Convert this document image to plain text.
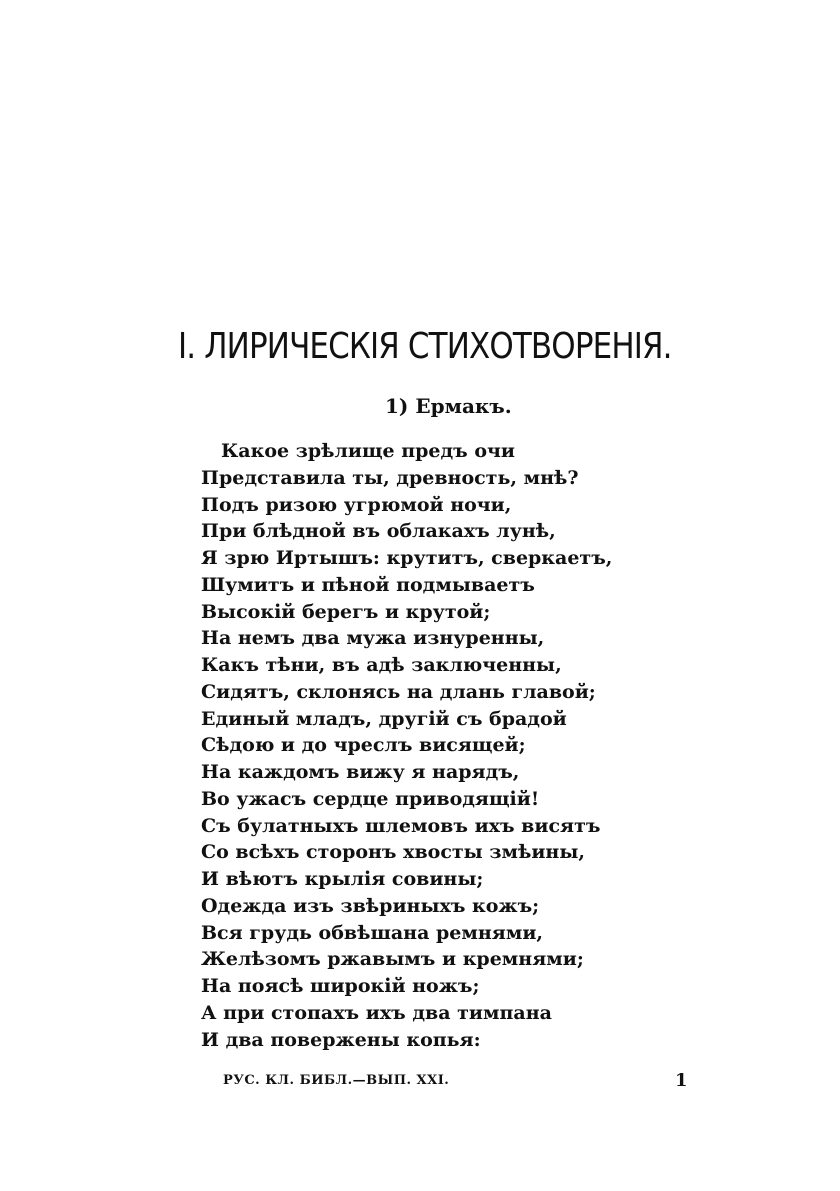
I. ЛИРИЧЕСКІЯ СТИХОТВОРЕНІЯ.
1) Ермакъ.
Какое зрѣлище предъ очи
Представила ты, древность, мнѣ?
Подъ ризою угрюмой ночи,
При блѣдной въ облакахъ лунѣ,
Я зрю Иртышъ: крутитъ, сверкаетъ,
Шумитъ и пѣной подмываетъ
Высокій берегъ и крутой;
На немъ два мужа изнуренны,
Какъ тѣни, въ адѣ заключенны,
Сидятъ, склонясь на длань главой;
Единый младъ, другій съ брадой
Сѣдою и до чреслъ висящей;
На каждомъ вижу я нарядъ,
Во ужасъ сердце приводящій!
Съ булатныхъ шлемовъ ихъ висятъ
Со всѣхъ сторонъ хвосты змѣины,
И вѣютъ крылія совины;
Одежда изъ звѣриныхъ кожъ;
Вся грудь обвѣшана ремнями,
Желѣзомъ ржавымъ и кремнями;
На поясѣ широкій ножъ;
А при стопахъ ихъ два тимпана
И два повержены копья:
РУС. КЛ. БИБЛ.—ВЫП. XXI.	1
